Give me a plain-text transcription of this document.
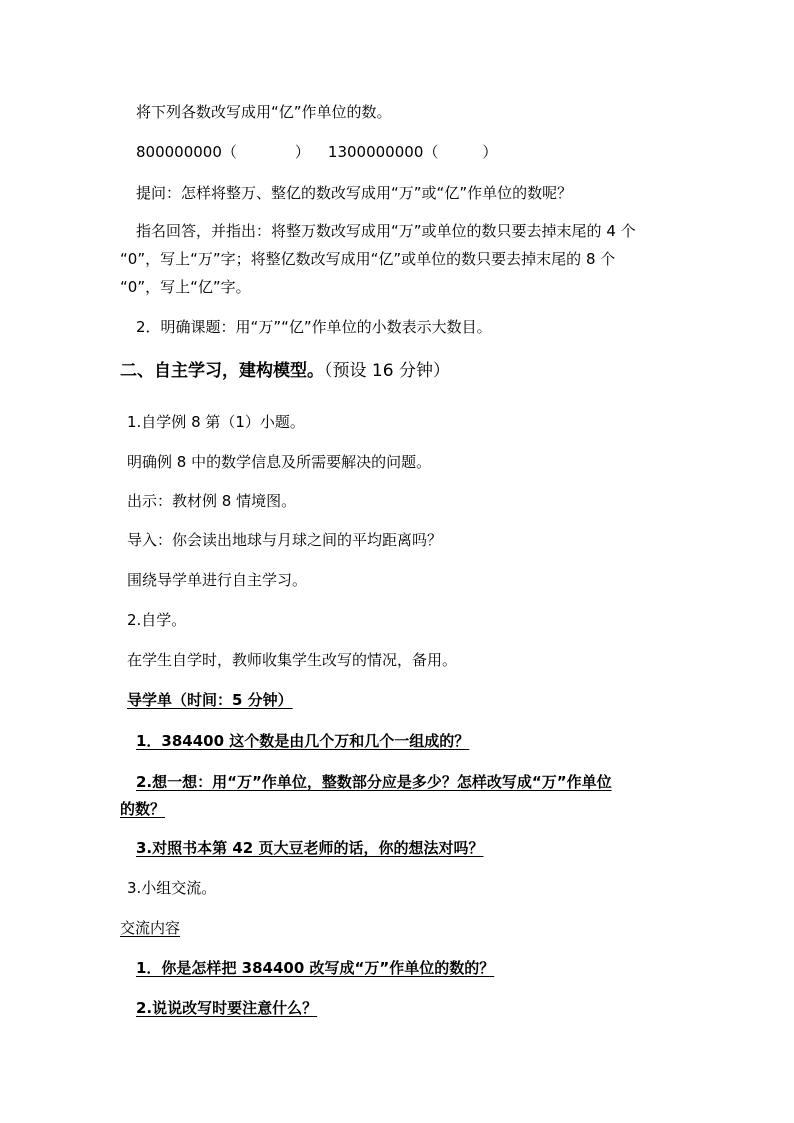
将下列各数改写成用“亿”作单位的数。
800000000（	） 1300000000（	）
提问：怎样将整万、整亿的数改写成用“万”或“亿”作单位的数呢？
指名回答，并指出：将整万数改写成用“万”或单位的数只要去掉末尾的 4 个
“0”，写上“万”字；将整亿数改写成用“亿”或单位的数只要去掉末尾的 8 个
“0”，写上“亿”字。
2．明确课题：用“万”“亿”作单位的小数表示大数目。
二、自主学习，建构模型。（预设 16 分钟）
1.自学例 8 第（1）小题。
明确例 8 中的数学信息及所需要解决的问题。
出示：教材例 8 情境图。
导入：你会读出地球与月球之间的平均距离吗？
围绕导学单进行自主学习。
2.自学。
在学生自学时，教师收集学生改写的情况，备用。
导学单（时间：5 分钟）
1．384400 这个数是由几个万和几个一组成的？
2.想一想：用“万”作单位，整数部分应是多少？怎样改写成“万”作单位
的数？
3.对照书本第 42 页大豆老师的话，你的想法对吗？
3.小组交流。
交流内容
1．你是怎样把 384400 改写成“万”作单位的数的？
2.说说改写时要注意什么？
